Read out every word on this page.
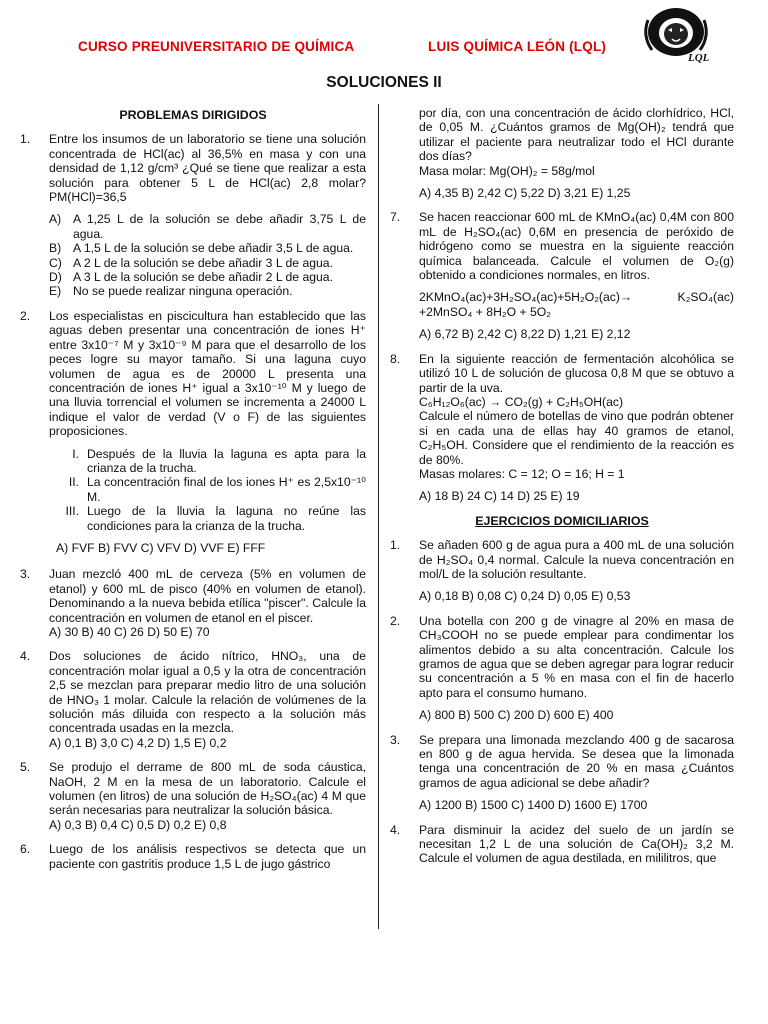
CURSO PREUNIVERSITARIO DE QUÍMICA	LUIS QUÍMICA LEÓN (LQL)
LQL
SOLUCIONES II
PROBLEMAS DIRIGIDOS
1.	Entre los insumos de un laboratorio se tiene una solución concentrada de HCl(ac) al 36,5% en masa y con una densidad de 1,12 g/cm³ ¿Qué se tiene que realizar a esta solución para obtener 5 L de HCl(ac) 2,8 molar? PM(HCl)=36,5

A) A 1,25 L de la solución se debe añadir 3,75 L de agua.
B) A 1,5 L de la solución se debe añadir 3,5 L de agua.
C) A 2 L de la solución se debe añadir 3 L de agua.
D) A 3 L de la solución se debe añadir 2 L de agua.
E) No se puede realizar ninguna operación.
2.	Los especialistas en piscicultura han establecido que las aguas deben presentar una concentración de iones H⁺ entre 3x10⁻⁷ M y 3x10⁻⁹ M para que el desarrollo de los peces logre su mayor tamaño. Si una laguna cuyo volumen de agua es de 20000 L presenta una concentración de iones H⁺ igual a 3x10⁻¹⁰ M y luego de una lluvia torrencial el volumen se incrementa a 24000 L indique el valor de verdad (V o F) de las siguientes proposiciones.

I. Después de la lluvia la laguna es apta para la crianza de la trucha.
II. La concentración final de los iones H⁺ es 2,5x10⁻¹⁰ M.
III. Luego de la lluvia la laguna no reúne las condiciones para la crianza de la trucha.
A) FVF B) FVV C) VFV D) VVF E) FFF
3.	Juan mezcló 400 mL de cerveza (5% en volumen de etanol) y 600 mL de pisco (40% en volumen de etanol). Denominando a la nueva bebida etílica "piscer". Calcule la concentración en volumen de etanol en el piscer.

A) 30 B) 40 C) 26 D) 50 E) 70
4.	Dos soluciones de ácido nítrico, HNO₃, una de concentración molar igual a 0,5 y la otra de concentración 2,5 se mezclan para preparar medio litro de una solución de HNO₃ 1 molar. Calcule la relación de volúmenes de la solución más diluida con respecto a la solución más concentrada usadas en la mezcla.

A) 0,1 B) 3,0 C) 4,2 D) 1,5 E) 0,2
5.	Se produjo el derrame de 800 mL de soda cáustica, NaOH, 2 M en la mesa de un laboratorio. Calcule el volumen (en litros) de una solución de H₂SO₄(ac) 4 M que serán necesarias para neutralizar la solución básica.

A) 0,3 B) 0,4 C) 0,5 D) 0,2 E) 0,8
6.	Luego de los análisis respectivos se detecta que un paciente con gastritis produce 1,5 L de jugo gástrico

por día, con una concentración de ácido clorhídrico, HCl, de 0,05 M. ¿Cuántos gramos de Mg(OH)₂ tendrá que utilizar el paciente para neutralizar todo el HCl durante dos días?

Masa molar: Mg(OH)₂ = 58g/mol

A) 4,35 B) 2,42 C) 5,22 D) 3,21 E) 1,25
7.	Se hacen reaccionar 600 mL de KMnO₄(ac) 0,4M con 800 mL de H₂SO₄(ac) 0,6M en presencia de peróxido de hidrógeno como se muestra en la siguiente reacción química balanceada. Calcule el volumen de O₂(g) obtenido a condiciones normales, en litros.

2KMnO₄(ac)+3H₂SO₄(ac)+5H₂O₂(ac)→ K₂SO₄(ac) +2MnSO₄ + 8H₂O + 5O₂

A) 6,72 B) 2,42 C) 8,22 D) 1,21 E) 2,12
8.	En la siguiente reacción de fermentación alcohólica se utilizó 10 L de solución de glucosa 0,8 M que se obtuvo a partir de la uva.

C₆H₁₂O₆(ac) → CO₂(g) + C₂H₅OH(ac)

Calcule el número de botellas de vino que podrán obtener si en cada una de ellas hay 40 gramos de etanol, C₂H₅OH. Considere que el rendimiento de la reacción es de 80%.

Masas molares: C = 12; O = 16; H = 1

A) 18 B) 24 C) 14 D) 25 E) 19
EJERCICIOS DOMICILIARIOS
1.	Se añaden 600 g de agua pura a 400 mL de una solución de H₂SO₄ 0,4 normal. Calcule la nueva concentración en mol/L de la solución resultante.

A) 0,18 B) 0,08 C) 0,24 D) 0,05 E) 0,53
2.	Una botella con 200 g de vinagre al 20% en masa de CH₃COOH no se puede emplear para condimentar los alimentos debido a su alta concentración. Calcule los gramos de agua que se deben agregar para lograr reducir su concentración a 5 % en masa con el fin de hacerlo apto para el consumo humano.

A) 800 B) 500 C) 200 D) 600 E) 400
3.	Se prepara una limonada mezclando 400 g de sacarosa en 800 g de agua hervida. Se desea que la limonada tenga una concentración de 20 % en masa ¿Cuántos gramos de agua adicional se debe añadir?

A) 1200 B) 1500 C) 1400 D) 1600 E) 1700
4.	Para disminuir la acidez del suelo de un jardín se necesitan 1,2 L de una solución de Ca(OH)₂ 3,2 M. Calcule el volumen de agua destilada, en mililitros, que
